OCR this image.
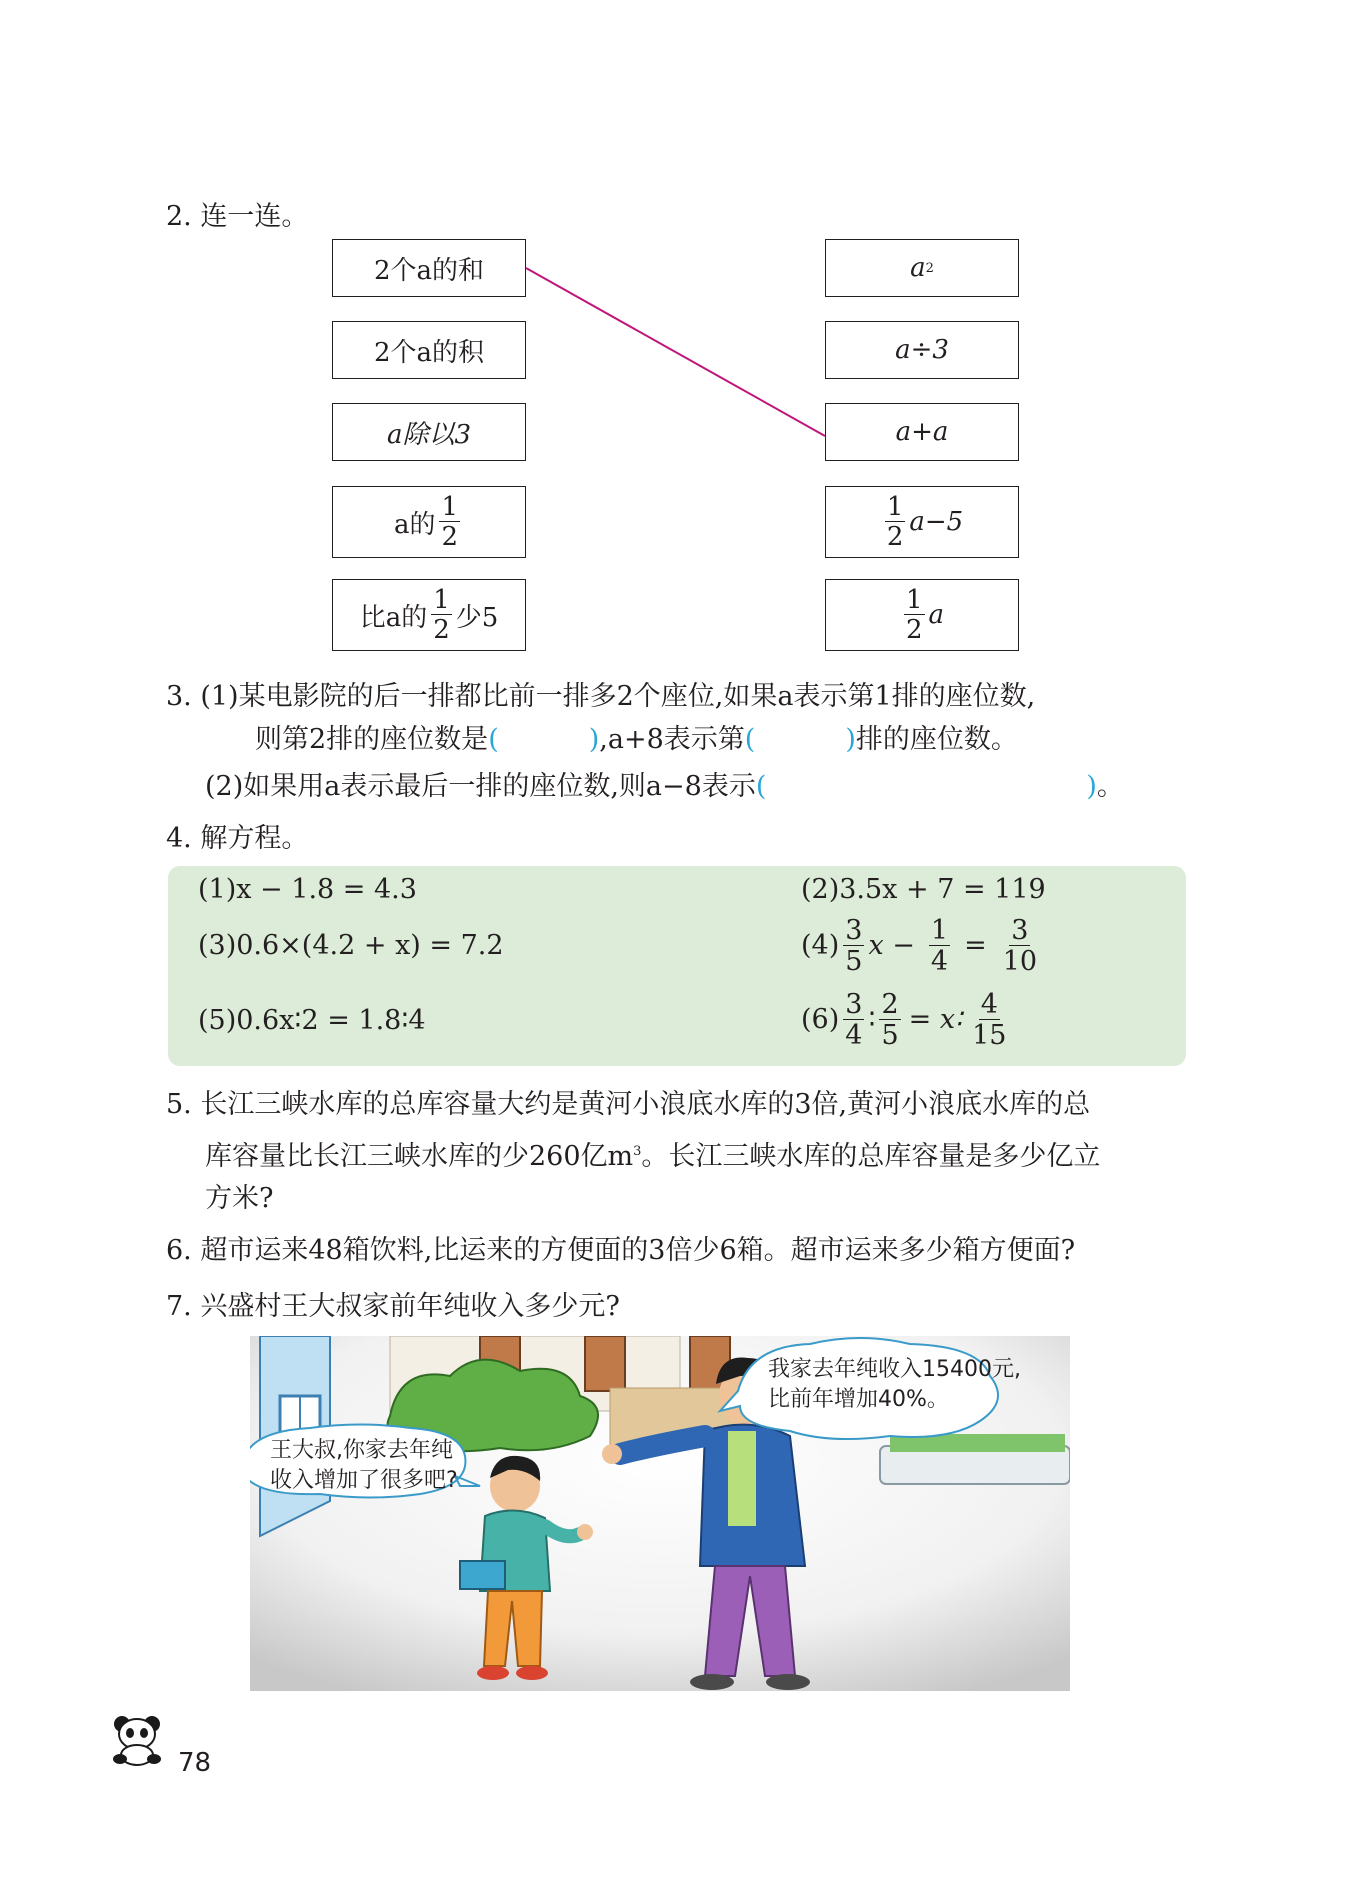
2. 连一连。
2个a的和
2个a的积
a除以3
a的 $\frac{1}{2}$
比a的 $\frac{1}{2}$ 少5
a 2
a÷3
a+a
$\frac{1}{2} a-5$
$\frac{1}{2}$ a
3. (1)某电影院的后一排都比前一排多2个座位,如果a表示第1排的座位数,
则第2排的座位数是(	),a+8表示第(	)排的座位数。
(2)如果用a表示最后一排的座位数,则a−8表示(	)。
4. 解方程。
(1)x − 1.8 = 4.3	(2)3.5x + 7 = 119
(3)0.6×(4.2 + x) = 7.2	$(4) \frac{3}{5}$ $x - \frac{1}{4} = \frac{3}{10}$
(5)0.6x∶2 = 1.8∶4	$(6) \frac{3}{4}$ ∶ $\frac{2}{5}$ = x∶ $\frac{4}{15}$
5. 长江三峡水库的总库容量大约是黄河小浪底水库的3倍,黄河小浪底水库的总
库容量比长江三峡水库的少260亿$m^3$。长江三峡水库的总库容量是多少亿立
方米?
6. 超市运来48箱饮料,比运来的方便面的3倍少6箱。超市运来多少箱方便面?
7. 兴盛村王大叔家前年纯收入多少元?
我家去年纯收入15400元,
比前年增加40%。
王大叔,你家去年纯
收入增加了很多吧?
78
